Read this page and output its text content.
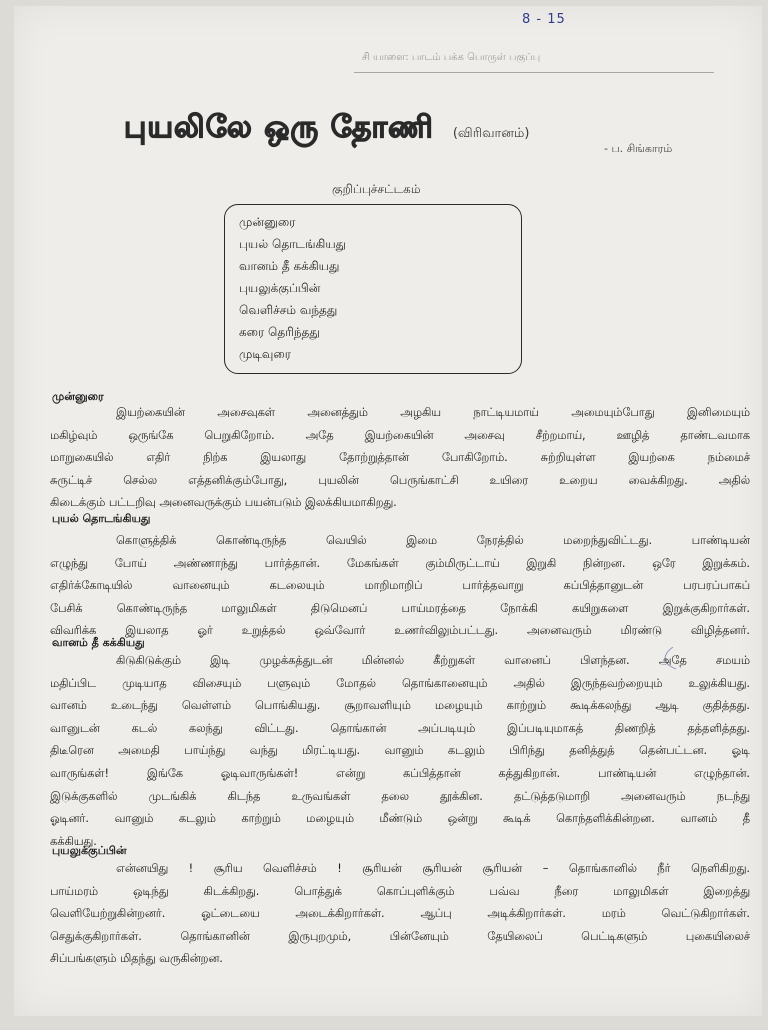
8 - 15
சி யாளை: பாடம் பக்க பொருள் பகுப்பு
புயலிலே ஒரு தோணி (விரிவானம்)
- ப. சிங்காரம்
குறிப்புச்சட்டகம்
முன்னுரை
புயல் தொடங்கியது
வானம் தீ கக்கியது
புயலுக்குப்பின்
வெளிச்சம் வந்தது
கரை தெரிந்தது
முடிவுரை
முன்னுரை
இயற்கையின் அசைவுகள் அனைத்தும் அழகிய நாட்டியமாய் அமையும்போது இனிமையும்
மகிழ்வும் ஒருங்கே பெறுகிறோம். அதே இயற்கையின் அசைவு சீற்றமாய், ஊழித் தாண்டவமாக
மாறுகையில் எதிர் நிற்க இயலாது தோற்றுத்தான் போகிறோம். சுற்றியுள்ள இயற்கை நம்மைச்
சுருட்டிச் செல்ல எத்தனிக்கும்போது, புயலின் பெருங்காட்சி உயிரை உறைய வைக்கிறது. அதில்
கிடைக்கும் பட்டறிவு அனைவருக்கும் பயன்படும் இலக்கியமாகிறது.
புயல் தொடங்கியது
கொளுத்திக் கொண்டிருந்த வெயில் இமை நேரத்தில் மறைந்துவிட்டது. பாண்டியன்
எழுந்து போய் அண்ணாந்து பார்த்தான். மேகங்கள் கும்மிருட்டாய் இறுகி நின்றன. ஒரே இறுக்கம்.
எதிர்க்கோடியில் வானையும் கடலையும் மாறிமாறிப் பார்த்தவாறு கப்பித்தானுடன் பரபரப்பாகப்
பேசிக் கொண்டிருந்த மாலுமிகள் திடுமெனப் பாய்மரத்தை நோக்கி கயிறுகளை இறுக்குகிறார்கள்.
விவரிக்க இயலாத ஓர் உறுத்தல் ஒவ்வோர் உணர்விலும்பட்டது. அனைவரும் மிரண்டு விழித்தனர்.
வானம் தீ கக்கியது
கிடுகிடுக்கும் இடி முழக்கத்துடன் மின்னல் கீற்றுகள் வானைப் பிளந்தன. அதே சமயம்
மதிப்பிட முடியாத விசையும் பளுவும் மோதல் தொங்கானையும் அதில் இருந்தவற்றையும் உலுக்கியது.
வானம் உடைந்து வெள்ளம் பொங்கியது. சூறாவளியும் மழையும் காற்றும் கூடிக்கலந்து ஆடி குதித்தது.
வானுடன் கடல் கலந்து விட்டது. தொங்கான் அப்படியும் இப்படியுமாகத் திணறித் தத்தளித்தது.
திடீரென அமைதி பாய்ந்து வந்து மிரட்டியது. வானும் கடலும் பிரிந்து தனித்துத் தென்பட்டன. ஓடி
வாருங்கள்! இங்கே ஓடிவாருங்கள்! என்று கப்பித்தான் கத்துகிறான். பாண்டியன் எழுந்தான்.
இடுக்குகளில் முடங்கிக் கிடந்த உருவங்கள் தலை தூக்கின. தட்டுத்தடுமாறி அனைவரும் நடந்து
ஓடினர். வானும் கடலும் காற்றும் மழையும் மீண்டும் ஒன்று கூடிக் கொந்தளிக்கின்றன. வானம் தீ
கக்கியது.
புயலுக்குப்பின்
என்னயிது ! சூரிய வெளிச்சம் ! சூரியன் சூரியன் சூரியன் – தொங்கானில் நீர் நெளிகிறது.
பாய்மரம் ஒடிந்து கிடக்கிறது. பொத்துக் கொப்புளிக்கும் பவ்வ நீரை மாலுமிகள் இறைத்து
வெளியேற்றுகின்றனர். ஓட்டையை அடைக்கிறார்கள். ஆப்பு அடிக்கிறார்கள். மரம் வெட்டுகிறார்கள்.
செதுக்குகிறார்கள். தொங்கானின் இருபுறமும், பின்னேயும் தேயிலைப் பெட்டிகளும் புகையிலைச்
சிப்பங்களும் மிதந்து வருகின்றன.
